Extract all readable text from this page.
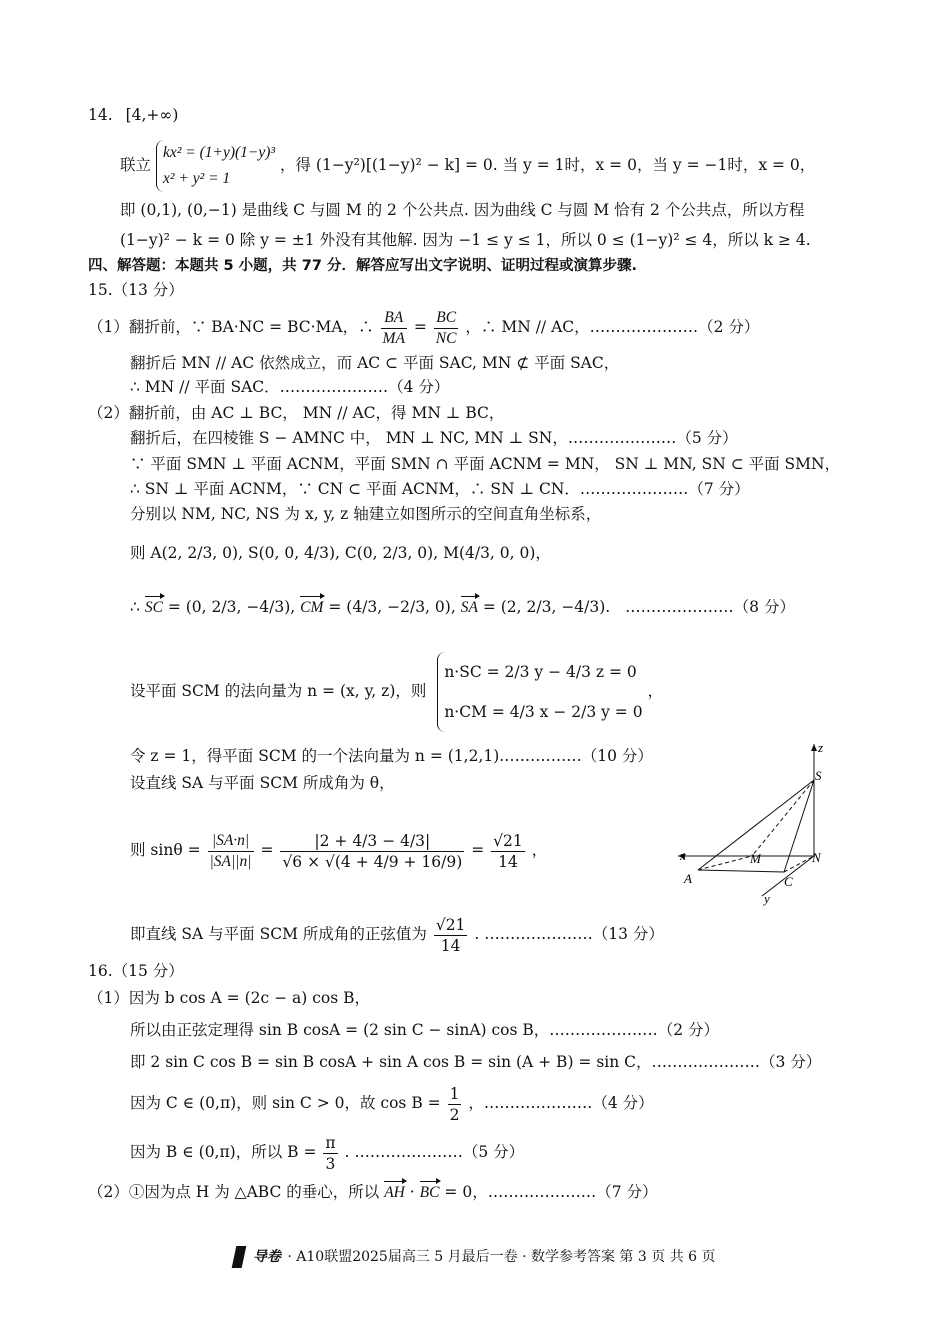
14. [4,+∞)
联立
kx² = (1+y)(1−y)³
x² + y² = 1
，得 (1−y²)[(1−y)² − k] = 0. 当 y = 1时，x = 0，当 y = −1时，x = 0，
即 (0,1), (0,−1) 是曲线 C 与圆 M 的 2 个公共点. 因为曲线 C 与圆 M 恰有 2 个公共点，所以方程
(1−y)² − k = 0 除 y = ±1 外没有其他解. 因为 −1 ≤ y ≤ 1，所以 0 ≤ (1−y)² ≤ 4，所以 k ≥ 4.
四、解答题：本题共 5 小题，共 77 分．解答应写出文字说明、证明过程或演算步骤.
15.（13 分）
（1）翻折前，∵ BA·NC = BC·MA，∴ $\frac{BA}{MA} = \frac{BC}{NC}$ ，∴ MN // AC，…………………（2 分）
翻折后 MN // AC 依然成立，而 AC ⊂ 平面 SAC, MN ⊄ 平面 SAC，
∴ MN // 平面 SAC．…………………（4 分）
（2）翻折前，由 AC ⊥ BC， MN // AC，得 MN ⊥ BC，
翻折后，在四棱锥 S − AMNC 中， MN ⊥ NC, MN ⊥ SN，…………………（5 分）
∵ 平面 SMN ⊥ 平面 ACNM，平面 SMN ∩ 平面 ACNM = MN， SN ⊥ MN, SN ⊂ 平面 SMN，
∴ SN ⊥ 平面 ACNM，∵ CN ⊂ 平面 ACNM，∴ SN ⊥ CN．…………………（7 分）
分别以 NM, NC, NS 为 x, y, z 轴建立如图所示的空间直角坐标系，
则 A(2, 2/3, 0), S(0, 0, 4/3), C(0, 2/3, 0), M(4/3, 0, 0)，
∴ SC = (0, 2/3, −4/3), CM = (4/3, −2/3, 0), SA = (2, 2/3, −4/3). …………………（8 分）
设平面 SCM 的法向量为 n = (x, y, z)，则
n·SC = 2/3 y − 4/3 z = 0
n·CM = 4/3 x − 2/3 y = 0
，
令 z = 1，得平面 SCM 的一个法向量为 n = (1,2,1).……………（10 分）
设直线 SA 与平面 SCM 所成角为 θ，
则 $\sin\theta = \frac{|SA\cdot n|}{|SA||n|} = \frac{|2 + 4/3 - 4/3|}{√6 \times √(4 + 4/9 + 16/9)} = \frac{√21}{14}$ ，
即直线 SA 与平面 SCM 所成角的正弦值为 $\frac{√21}{14}$ . …………………（13 分）
z
S
x	M	N
A	C
y
16.（15 分）
（1）因为 b cos A = (2c − a) cos B，
所以由正弦定理得 sin B cosA = (2 sin C − sinA) cos B，…………………（2 分）
即 2 sin C cos B = sin B cosA + sin A cos B = sin (A + B) = sin C，…………………（3 分）
因为 C ∈ (0,π)，则 sin C > 0，故 $\cos B = \frac{1}{2}$ ，…………………（4 分）
因为 B ∈ (0,π)，所以 $B = \frac{\pi}{3}$ . …………………（5 分）
（2）①因为点 H 为 △ABC 的垂心，所以 AH · BC = 0，…………………（7 分）
导卷 · A10联盟2025届高三 5 月最后一卷 · 数学参考答案 第 3 页 共 6 页
